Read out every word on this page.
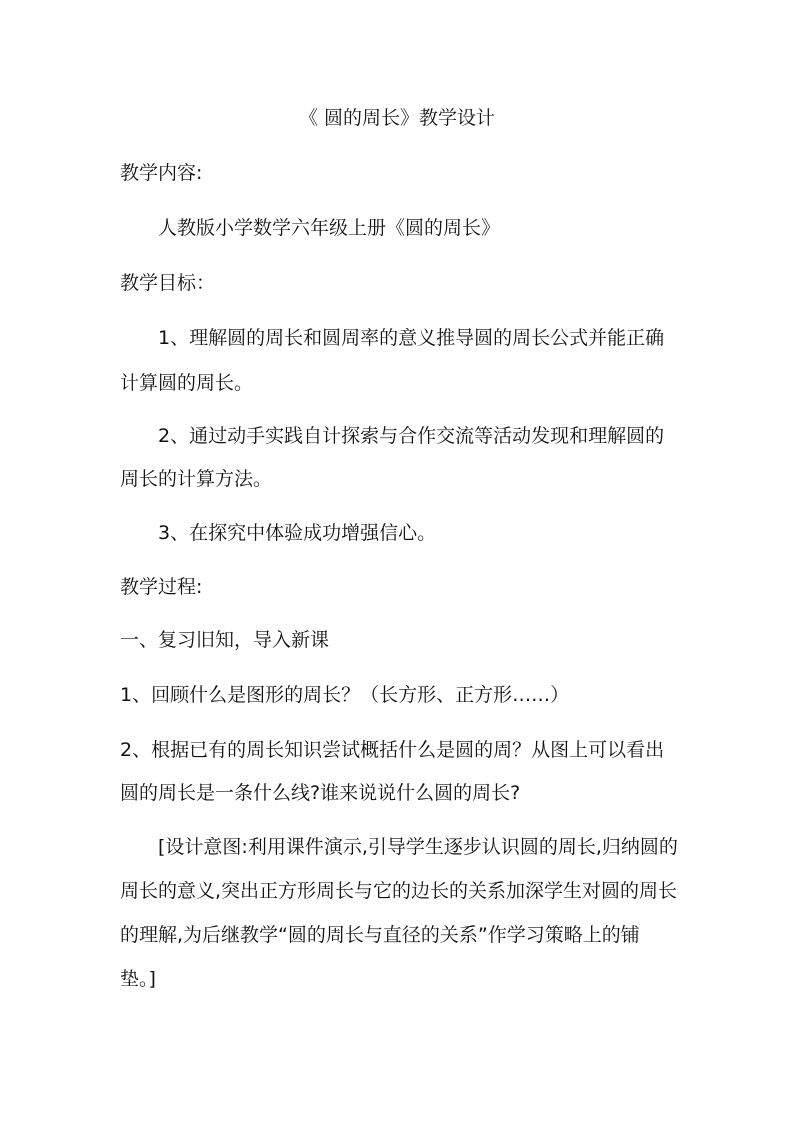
《 圆的周长》教学设计
教学内容:
人教版小学数学六年级上册《圆的周长》
教学目标：
1、理解圆的周长和圆周率的意义推导圆的周长公式并能正确
计算圆的周长。
2、通过动手实践自计探索与合作交流等活动发现和理解圆的
周长的计算方法。
3、在探究中体验成功增强信心。
教学过程:
一、复习旧知，导入新课
1、回顾什么是图形的周长？（长方形、正方形……）
2、根据已有的周长知识尝试概括什么是圆的周？从图上可以看出
圆的周长是一条什么线?谁来说说什么圆的周长?
[设计意图:利用课件演示,引导学生逐步认识圆的周长,归纳圆的
周长的意义,突出正方形周长与它的边长的关系加深学生对圆的周长
的理解,为后继教学“圆的周长与直径的关系”作学习策略上的铺
垫。]
